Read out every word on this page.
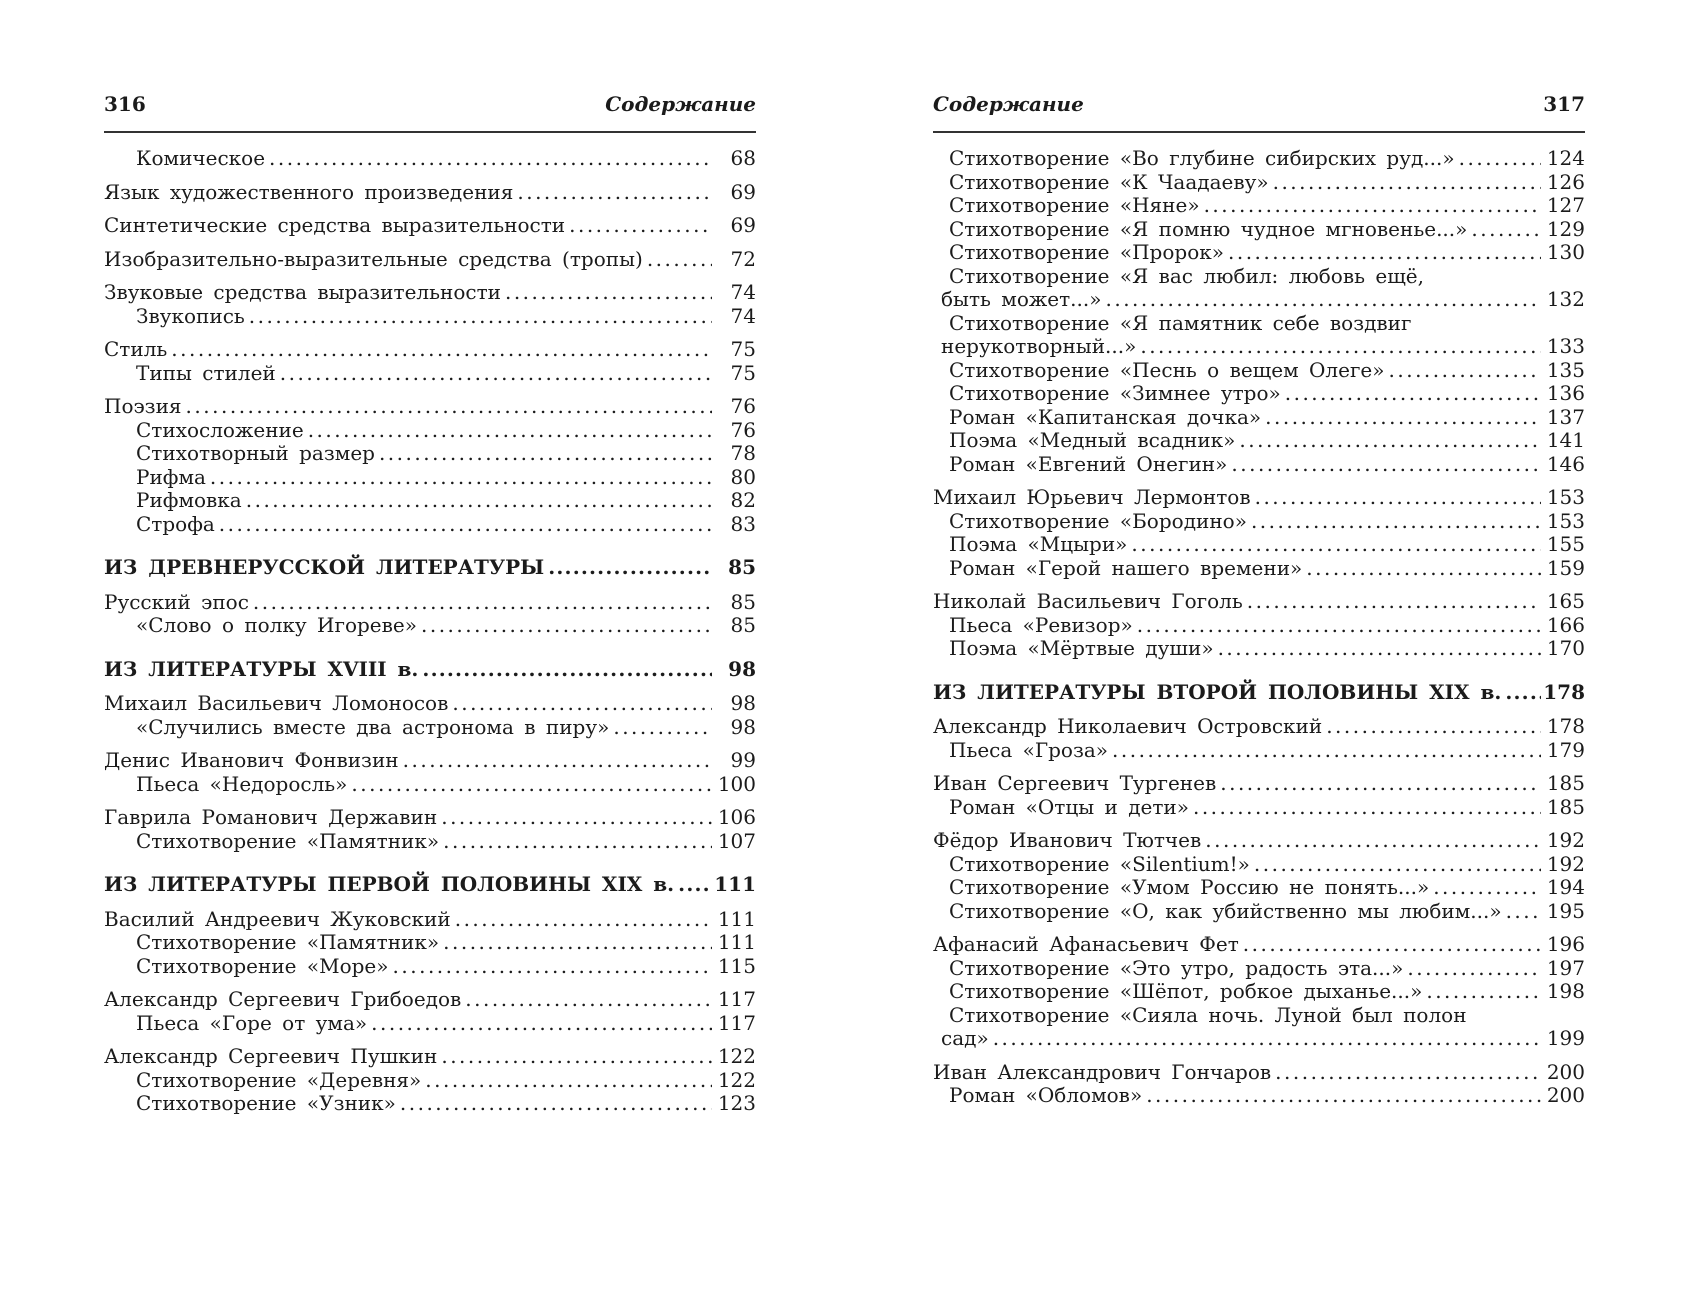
316	Содержание
Комическое .....	68
Язык художественного произведения .....	69
Синтетические средства выразительности .....	69
Изобразительно-выразительные средства (тропы) .....	72
Звуковые средства выразительности .....	74
Звукопись .....	74
Стиль .....	75
Типы стилей .....	75
Поэзия .....	76
Стихосложение .....	76
Стихотворный размер .....	78
Рифма .....	80
Рифмовка .....	82
Строфа .....	83
ИЗ ДРЕВНЕРУССКОЙ ЛИТЕРАТУРЫ .....	85
Русский эпос .....	85
«Слово о полку Игореве» .....	85
ИЗ ЛИТЕРАТУРЫ XVIII в. .....	98
Михаил Васильевич Ломоносов .....	98
«Случились вместе два астронома в пиру» .....	98
Денис Иванович Фонвизин .....	99
Пьеса «Недоросль» .....	100
Гаврила Романович Державин .....	106
Стихотворение «Памятник» .....	107
ИЗ ЛИТЕРАТУРЫ ПЕРВОЙ ПОЛОВИНЫ XIX в. ..... 111
Василий Андреевич Жуковский .....	111
Стихотворение «Памятник» .....	111
Стихотворение «Море» .....	115
Александр Сергеевич Грибоедов .....	117
Пьеса «Горе от ума» .....	117
Александр Сергеевич Пушкин .....	122
Стихотворение «Деревня» .....	122
Стихотворение «Узник» .....	123
Содержание	317
Стихотворение «Во глубине сибирских руд...» .....	124
Стихотворение «К Чаадаеву» .....	126
Стихотворение «Няне» .....	127
Стихотворение «Я помню чудное мгновенье...» .....	129
Стихотворение «Пророк» .....	130
Стихотворение «Я вас любил: любовь ещё,
быть может...» .....	132
Стихотворение «Я памятник себе воздвиг
нерукотворный...» .....	133
Стихотворение «Песнь о вещем Олеге» .....	135
Стихотворение «Зимнее утро» .....	136
Роман «Капитанская дочка» .....	137
Поэма «Медный всадник» .....	141
Роман «Евгений Онегин» .....	146
Михаил Юрьевич Лермонтов .....	153
Стихотворение «Бородино» .....	153
Поэма «Мцыри» .....	155
Роман «Герой нашего времени» .....	159
Николай Васильевич Гоголь .....	165
Пьеса «Ревизор» .....	166
Поэма «Мёртвые души» .....	170
ИЗ ЛИТЕРАТУРЫ ВТОРОЙ ПОЛОВИНЫ XIX в. ..... 178
Александр Николаевич Островский .....	178
Пьеса «Гроза» .....	179
Иван Сергеевич Тургенев .....	185
Роман «Отцы и дети» .....	185
Фёдор Иванович Тютчев .....	192
Стихотворение «Silentium!» .....	192
Стихотворение «Умом Россию не понять...» .....	194
Стихотворение «О, как убийственно мы любим...» ..... 195
Афанасий Афанасьевич Фет .....	196
Стихотворение «Это утро, радость эта...» .....	197
Стихотворение «Шёпот, робкое дыханье...» .....	198
Стихотворение «Сияла ночь. Луной был полон
сад» .....	199
Иван Александрович Гончаров .....	200
Роман «Обломов» .....	200
